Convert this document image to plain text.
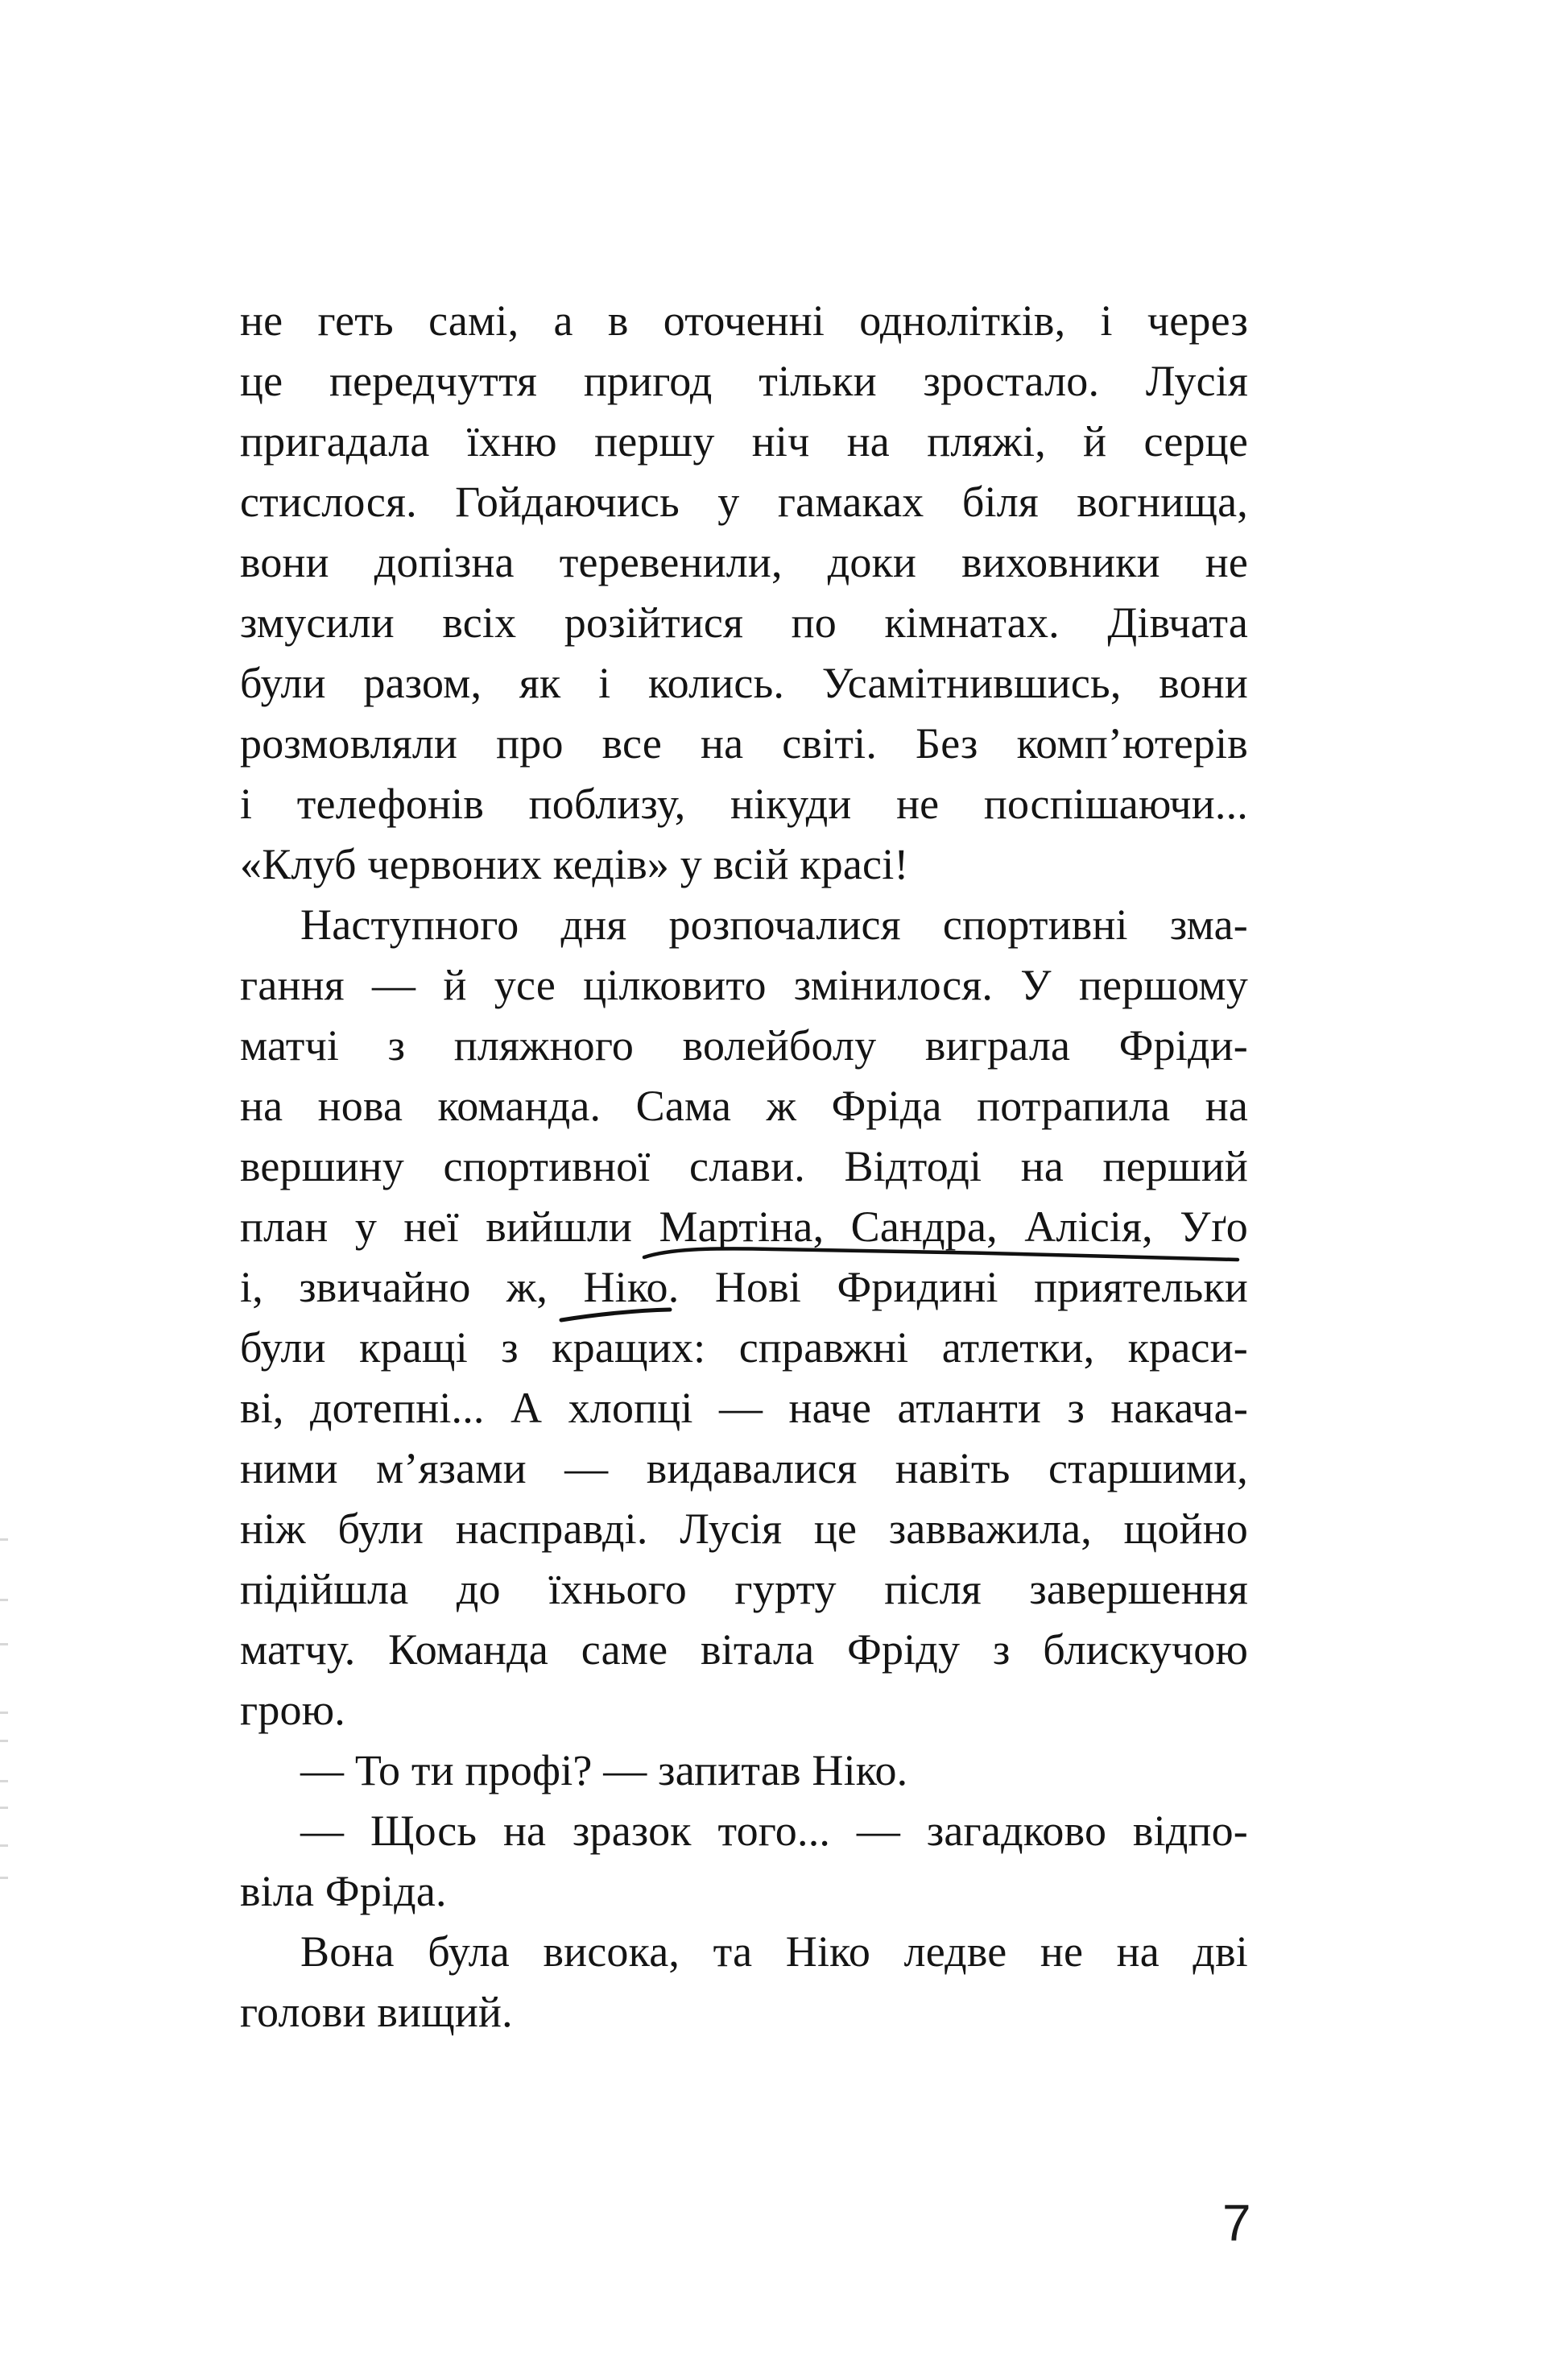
не геть самі, а в оточенні однолітків, і через
це передчуття пригод тільки зростало. Лусія
пригадала їхню першу ніч на пляжі, й серце
стислося. Гойдаючись у гамаках біля вогнища,
вони допізна теревенили, доки виховники не
змусили всіх розійтися по кімнатах. Дівчата
були разом, як і колись. Усамітнившись, вони
розмовляли про все на світі. Без комп’ютерів
і телефонів поблизу, нікуди не поспішаючи...
«Клуб червоних кедів» у всій красі!
Наступного дня розпочалися спортивні зма-
гання — й усе цілковито змінилося. У першому
матчі з пляжного волейболу виграла Фріди-
на нова команда. Сама ж Фріда потрапила на
вершину спортивної слави. Відтоді на перший
план у неї вийшли Мартіна, Сандра, Алісія, Уґо
і, звичайно ж, Ніко. Нові Фридині приятельки
були кращі з кращих: справжні атлетки, краси-
ві, дотепні... А хлопці — наче атланти з накача-
ними м’язами — видавалися навіть старшими,
ніж були насправді. Лусія це завважила, щойно
підійшла до їхнього гурту після завершення
матчу. Команда саме вітала Фріду з блискучою
грою.
— То ти профі? — запитав Ніко.
— Щось на зразок того... — загадково відпо-
віла Фріда.
Вона була висока, та Ніко ледве не на дві
голови вищий.
7
